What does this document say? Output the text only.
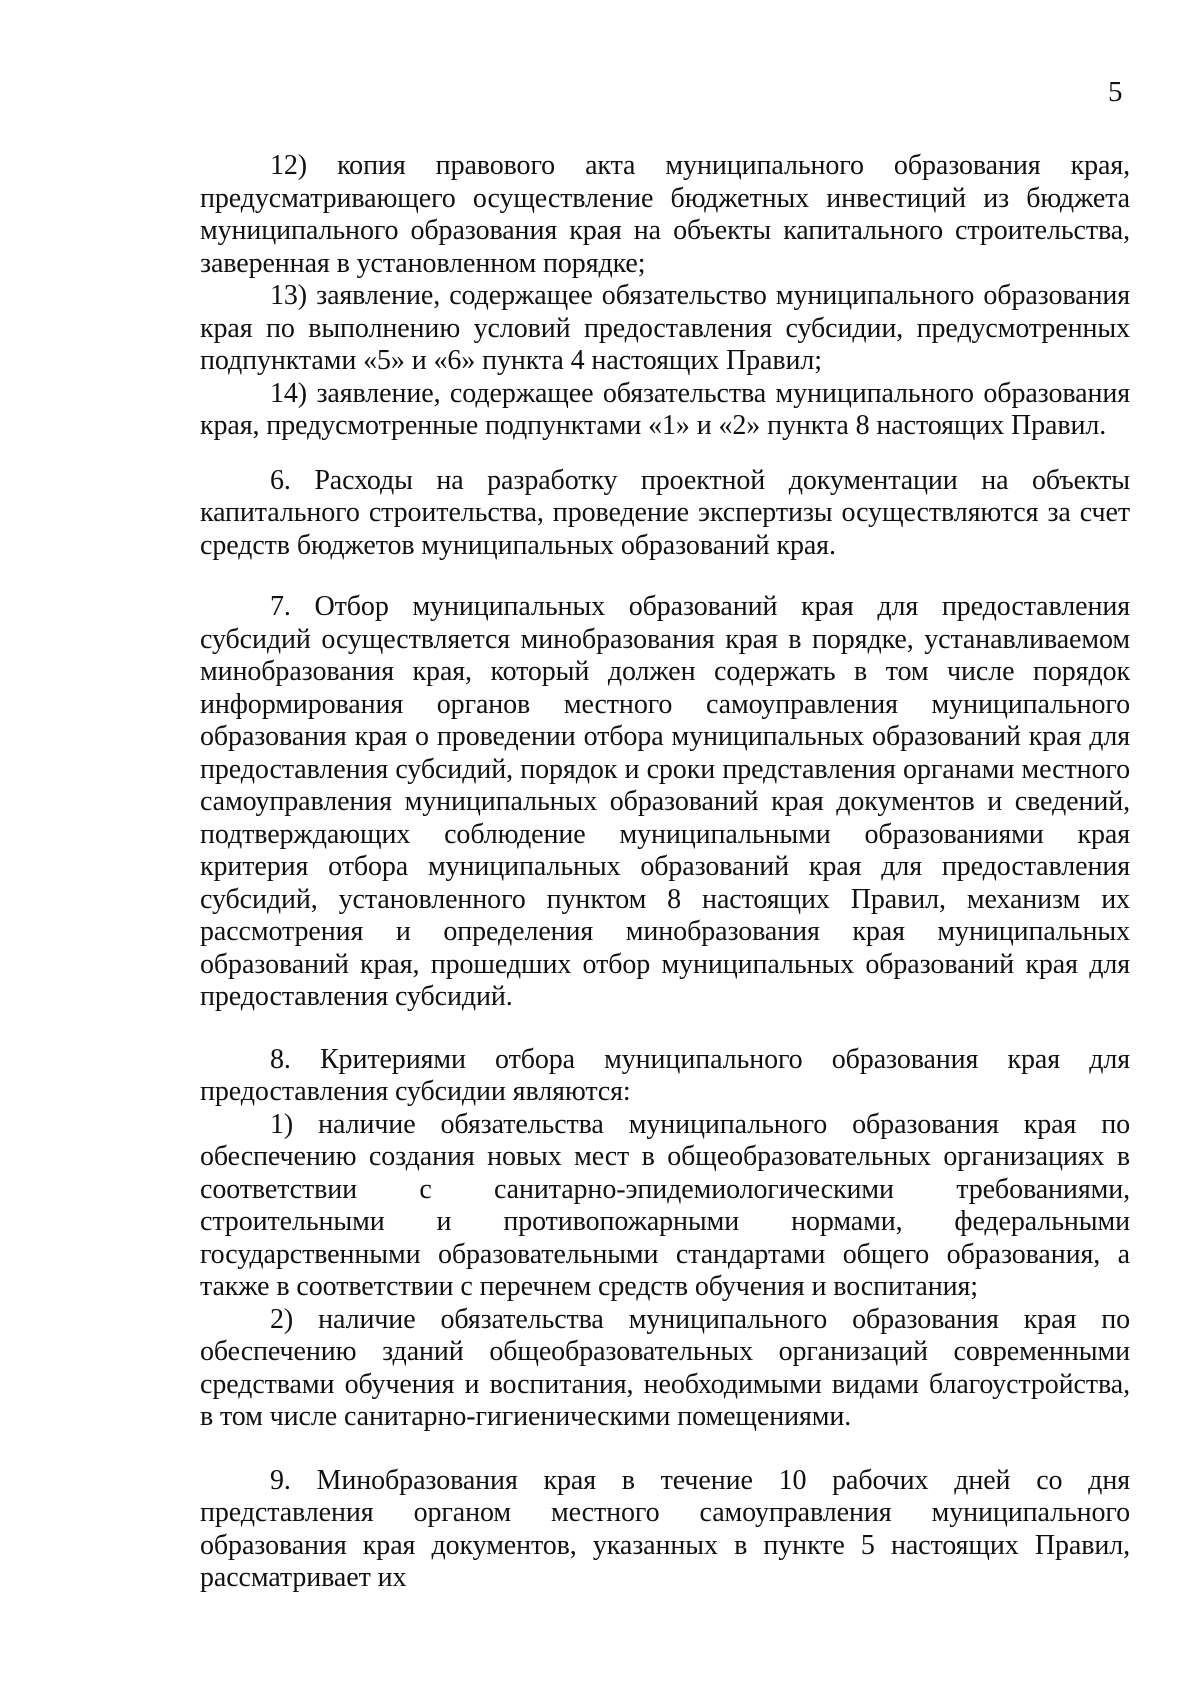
5

12) копия правового акта муниципального образования края, предусматривающего осуществление бюджетных инвестиций из бюджета муниципального образования края на объекты капитального строительства, заверенная в установленном порядке;

13) заявление, содержащее обязательство муниципального образования края по выполнению условий предоставления субсидии, предусмотренных подпунктами «5» и «6» пункта 4 настоящих Правил;

14) заявление, содержащее обязательства муниципального образования края, предусмотренные подпунктами «1» и «2» пункта 8 настоящих Правил.

6. Расходы на разработку проектной документации на объекты капитального строительства, проведение экспертизы осуществляются за счет средств бюджетов муниципальных образований края.

7. Отбор муниципальных образований края для предоставления субсидий осуществляется минобразования края в порядке, устанавливаемом минобразования края, который должен содержать в том числе порядок информирования органов местного самоуправления муниципального образования края о проведении отбора муниципальных образований края для предоставления субсидий, порядок и сроки представления органами местного самоуправления муниципальных образований края документов и сведений, подтверждающих соблюдение муниципальными образованиями края критерия отбора муниципальных образований края для предоставления субсидий, установленного пунктом 8 настоящих Правил, механизм их рассмотрения и определения минобразования края муниципальных образований края, прошедших отбор муниципальных образований края для предоставления субсидий.

8. Критериями отбора муниципального образования края для предоставления субсидии являются:

1) наличие обязательства муниципального образования края по обеспечению создания новых мест в общеобразовательных организациях в соответствии с санитарно-эпидемиологическими требованиями, строительными и противопожарными нормами, федеральными государственными образовательными стандартами общего образования, а также в соответствии с перечнем средств обучения и воспитания;

2) наличие обязательства муниципального образования края по обеспечению зданий общеобразовательных организаций современными средствами обучения и воспитания, необходимыми видами благоустройства, в том числе санитарно-гигиеническими помещениями.

9. Минобразования края в течение 10 рабочих дней со дня представления органом местного самоуправления муниципального образования края документов, указанных в пункте 5 настоящих Правил, рассматривает их
